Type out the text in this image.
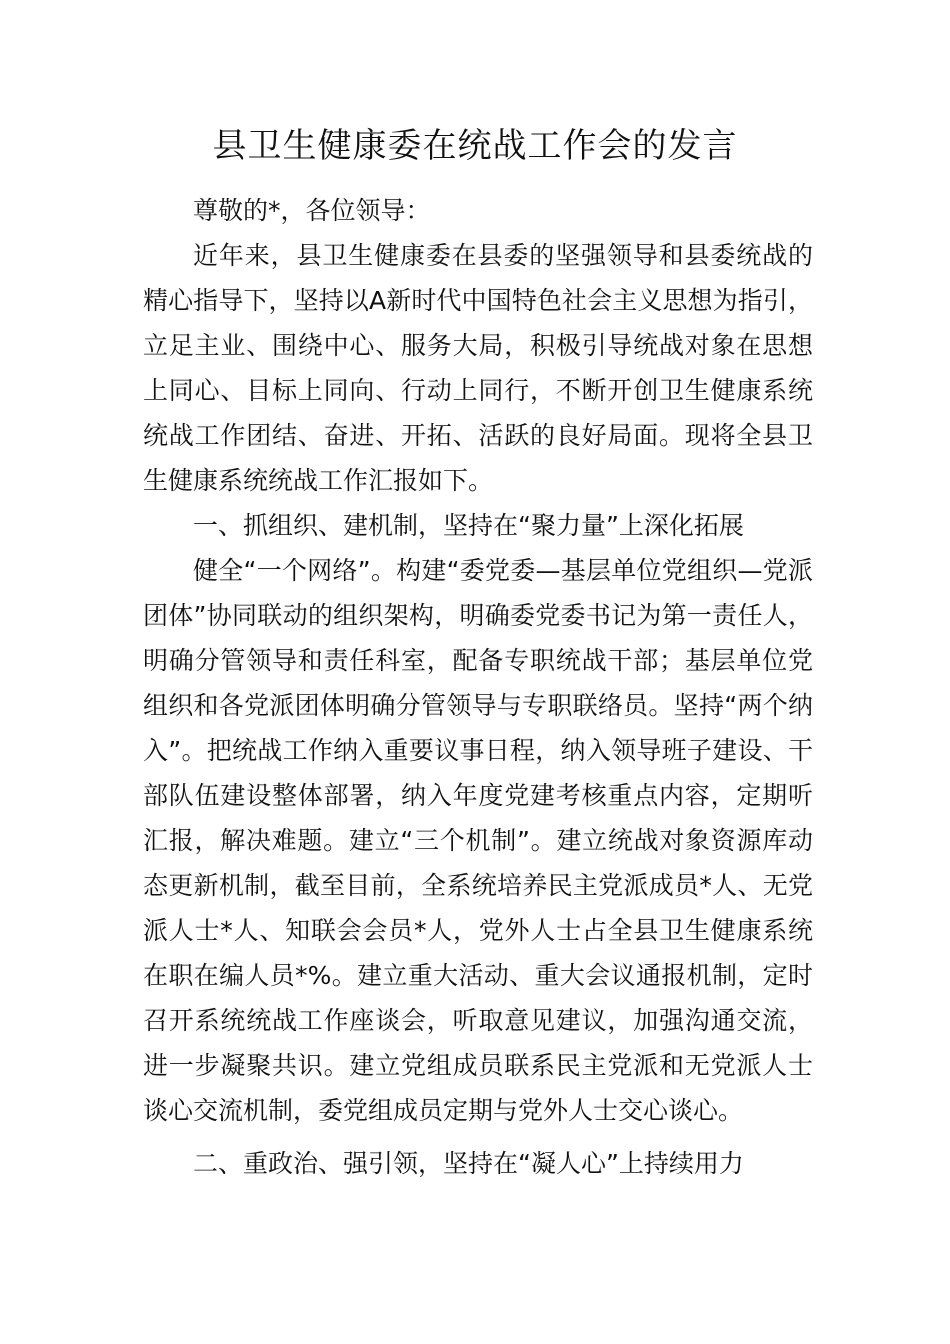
县卫生健康委在统战工作会的发言

尊敬的*，各位领导：

近年来，县卫生健康委在县委的坚强领导和县委统战的精心指导下，坚持以A新时代中国特色社会主义思想为指引，立足主业、围绕中心、服务大局，积极引导统战对象在思想上同心、目标上同向、行动上同行，不断开创卫生健康系统统战工作团结、奋进、开拓、活跃的良好局面。现将全县卫生健康系统统战工作汇报如下。

一、抓组织、建机制，坚持在“聚力量”上深化拓展

健全“一个网络”。构建“委党委—基层单位党组织—党派团体”协同联动的组织架构，明确委党委书记为第一责任人，明确分管领导和责任科室，配备专职统战干部；基层单位党组织和各党派团体明确分管领导与专职联络员。坚持“两个纳入”。把统战工作纳入重要议事日程，纳入领导班子建设、干部队伍建设整体部署，纳入年度党建考核重点内容，定期听汇报，解决难题。建立“三个机制”。建立统战对象资源库动态更新机制，截至目前，全系统培养民主党派成员*人、无党派人士*人、知联会会员*人，党外人士占全县卫生健康系统在职在编人员*%。建立重大活动、重大会议通报机制，定时召开系统统战工作座谈会，听取意见建议，加强沟通交流，进一步凝聚共识。建立党组成员联系民主党派和无党派人士谈心交流机制，委党组成员定期与党外人士交心谈心。

二、重政治、强引领，坚持在“凝人心”上持续用力
